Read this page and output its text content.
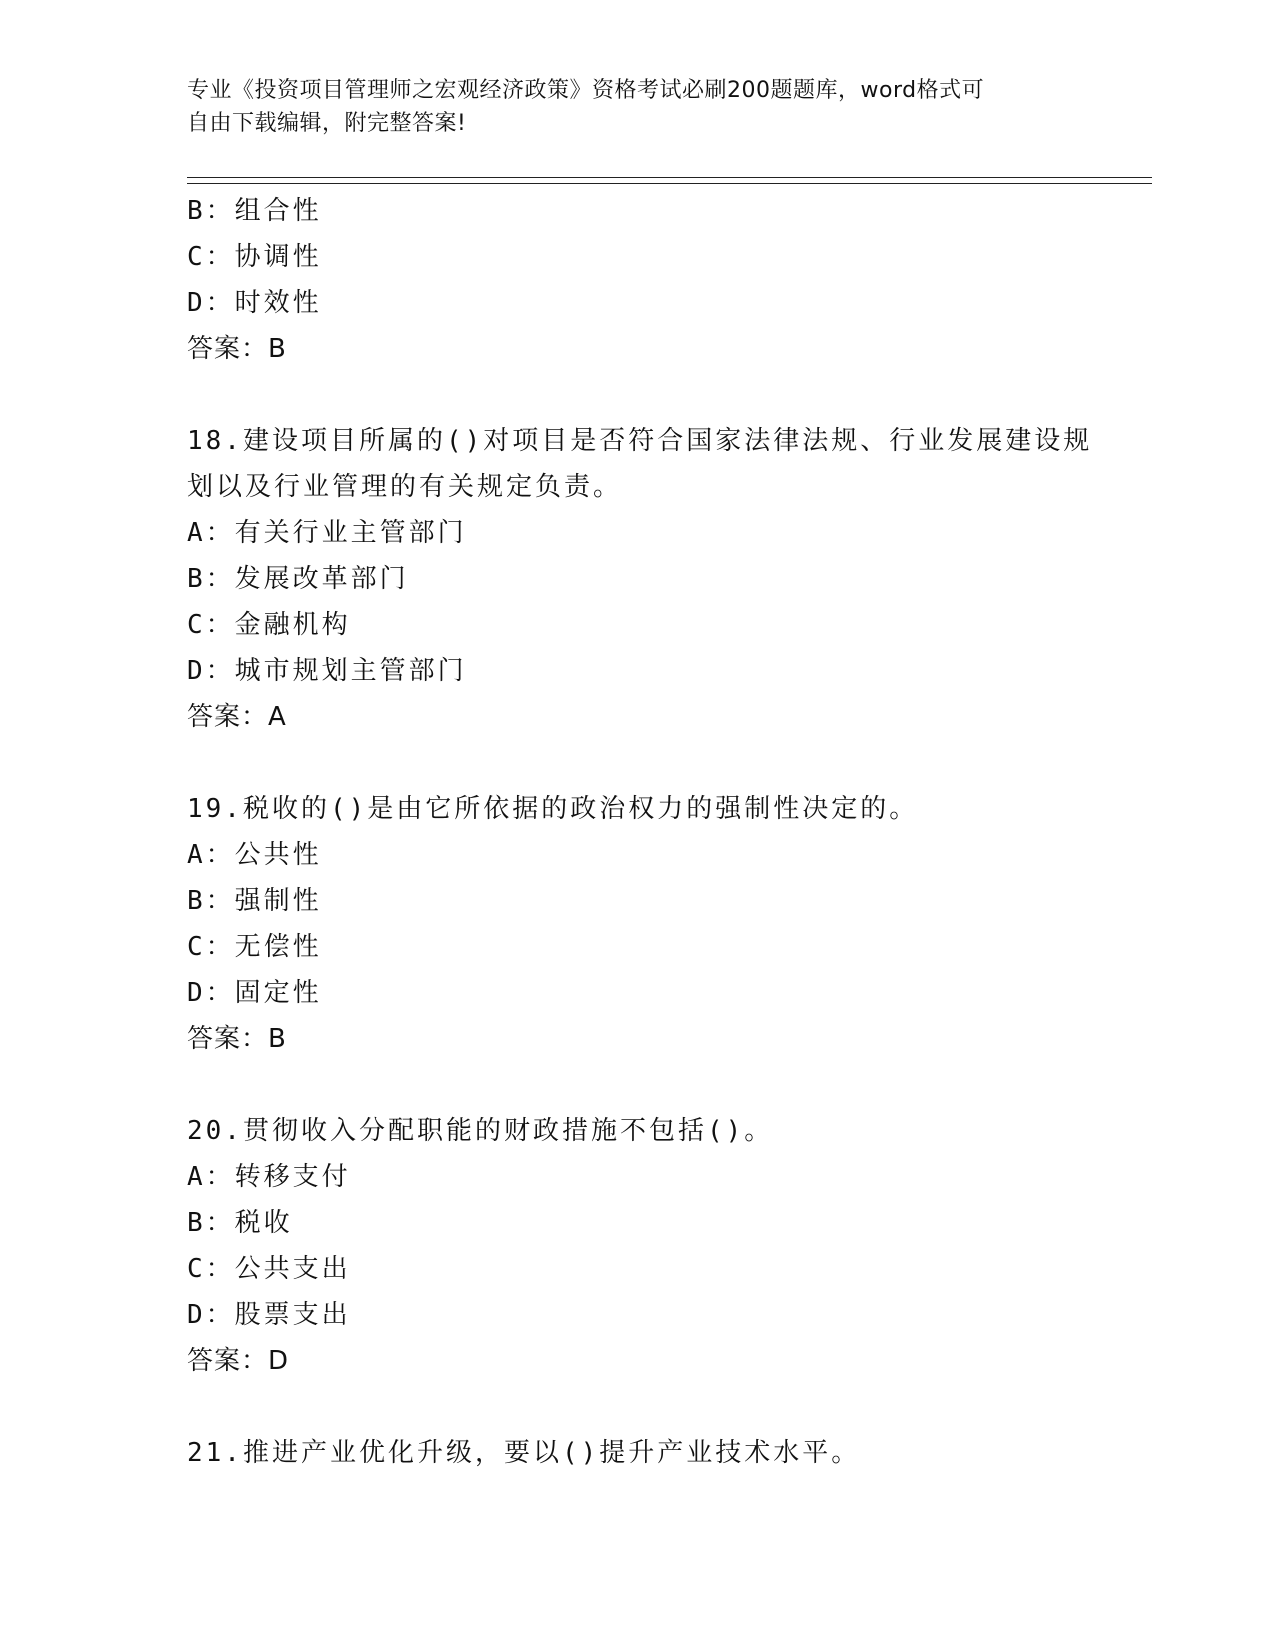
专业《投资项目管理师之宏观经济政策》资格考试必刷200题题库，word格式可
自由下载编辑，附完整答案!
B：组合性
C：协调性
D：时效性
答案：B
18.建设项目所属的()对项目是否符合国家法律法规、行业发展建设规
划以及行业管理的有关规定负责。
A：有关行业主管部门
B：发展改革部门
C：金融机构
D：城市规划主管部门
答案：A
19.税收的()是由它所依据的政治权力的强制性决定的。
A：公共性
B：强制性
C：无偿性
D：固定性
答案：B
20.贯彻收入分配职能的财政措施不包括()。
A：转移支付
B：税收
C：公共支出
D：股票支出
答案：D
21.推进产业优化升级，要以()提升产业技术水平。
